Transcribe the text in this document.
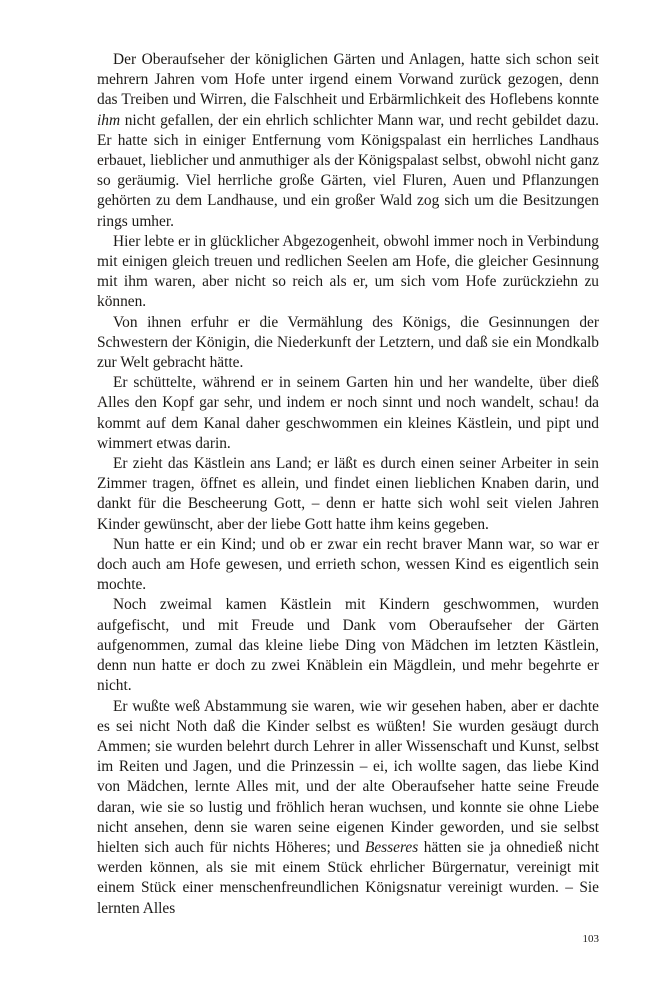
Der Oberaufseher der königlichen Gärten und Anlagen, hatte sich schon seit mehrern Jahren vom Hofe unter irgend einem Vorwand zurück gezogen, denn das Treiben und Wirren, die Falschheit und Erbärmlichkeit des Hoflebens konnte ihm nicht gefallen, der ein ehrlich schlichter Mann war, und recht gebildet dazu. Er hatte sich in einiger Entfernung vom Königspalast ein herrliches Landhaus erbauet, lieblicher und anmuthiger als der Königspalast selbst, obwohl nicht ganz so geräumig. Viel herrliche große Gärten, viel Fluren, Auen und Pflanzungen gehörten zu dem Landhause, und ein großer Wald zog sich um die Besitzungen rings umher.

Hier lebte er in glücklicher Abgezogenheit, obwohl immer noch in Verbindung mit einigen gleich treuen und redlichen Seelen am Hofe, die gleicher Gesinnung mit ihm waren, aber nicht so reich als er, um sich vom Hofe zurückziehn zu können.

Von ihnen erfuhr er die Vermählung des Königs, die Gesinnungen der Schwestern der Königin, die Niederkunft der Letztern, und daß sie ein Mondkalb zur Welt gebracht hätte.

Er schüttelte, während er in seinem Garten hin und her wandelte, über dieß Alles den Kopf gar sehr, und indem er noch sinnt und noch wandelt, schau! da kommt auf dem Kanal daher geschwommen ein kleines Kästlein, und pipt und wimmert etwas darin.

Er zieht das Kästlein ans Land; er läßt es durch einen seiner Arbeiter in sein Zimmer tragen, öffnet es allein, und findet einen lieblichen Knaben darin, und dankt für die Bescheerung Gott, – denn er hatte sich wohl seit vielen Jahren Kinder gewünscht, aber der liebe Gott hatte ihm keins gegeben.

Nun hatte er ein Kind; und ob er zwar ein recht braver Mann war, so war er doch auch am Hofe gewesen, und errieth schon, wessen Kind es eigentlich sein mochte.

Noch zweimal kamen Kästlein mit Kindern geschwommen, wurden aufgefischt, und mit Freude und Dank vom Oberaufseher der Gärten aufgenommen, zumal das kleine liebe Ding von Mädchen im letzten Kästlein, denn nun hatte er doch zu zwei Knäblein ein Mägdlein, und mehr begehrte er nicht.

Er wußte weß Abstammung sie waren, wie wir gesehen haben, aber er dachte es sei nicht Noth daß die Kinder selbst es wüßten! Sie wurden gesäugt durch Ammen; sie wurden belehrt durch Lehrer in aller Wissenschaft und Kunst, selbst im Reiten und Jagen, und die Prinzessin – ei, ich wollte sagen, das liebe Kind von Mädchen, lernte Alles mit, und der alte Oberaufseher hatte seine Freude daran, wie sie so lustig und fröhlich heran wuchsen, und konnte sie ohne Liebe nicht ansehen, denn sie waren seine eigenen Kinder geworden, und sie selbst hielten sich auch für nichts Höheres; und Besseres hätten sie ja ohnedieß nicht werden können, als sie mit einem Stück ehrlicher Bürgernatur, vereinigt mit einem Stück einer menschenfreundlichen Königsnatur vereinigt wurden. – Sie lernten Alles

103
